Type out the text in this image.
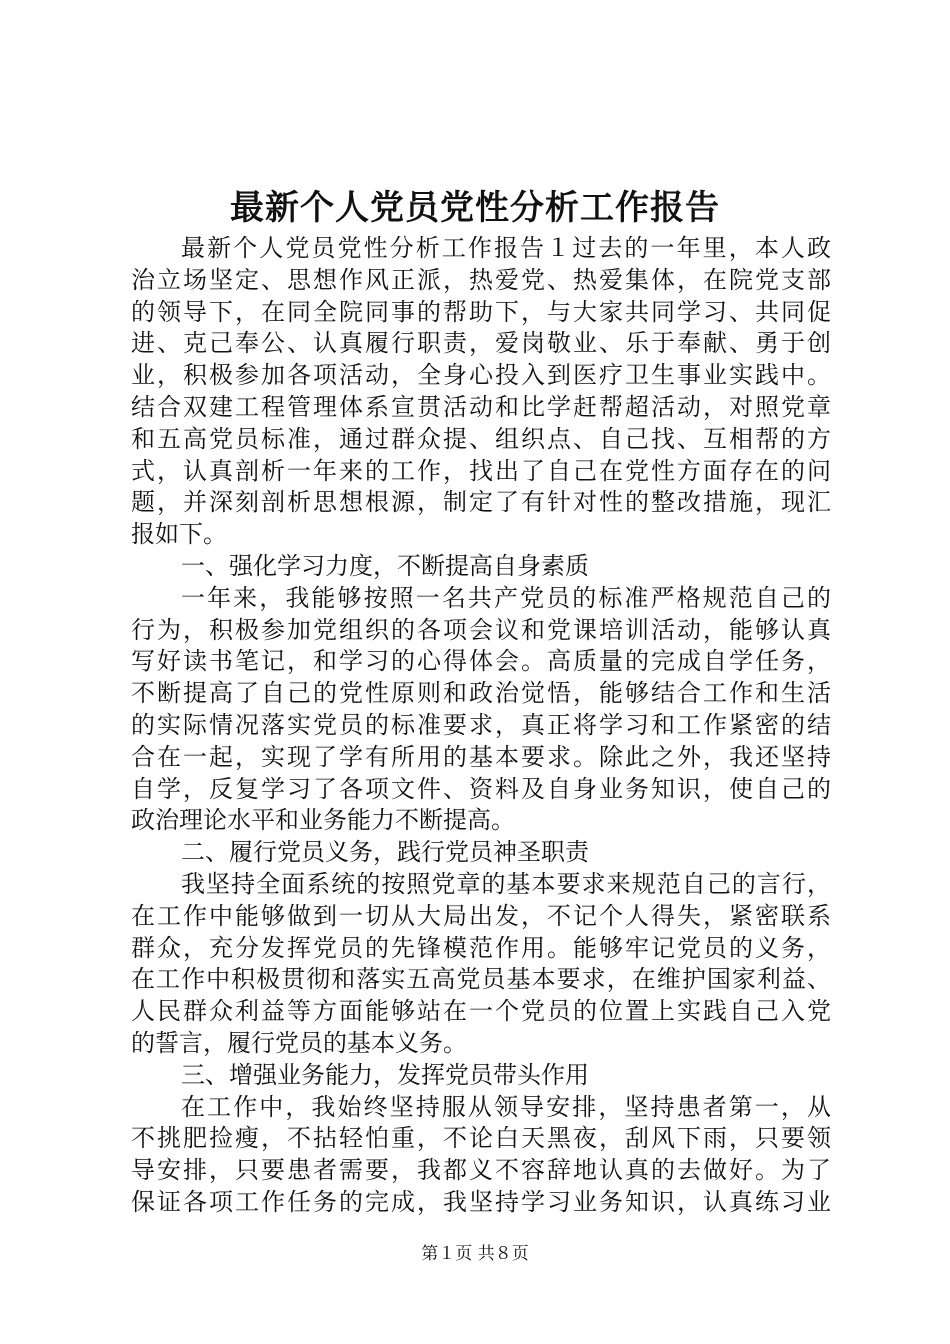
最新个人党员党性分析工作报告
最新个人党员党性分析工作报告１过去的一年里，本人政
治立场坚定、思想作风正派，热爱党、热爱集体，在院党支部
的领导下，在同全院同事的帮助下，与大家共同学习、共同促
进、克己奉公、认真履行职责，爱岗敬业、乐于奉献、勇于创
业，积极参加各项活动，全身心投入到医疗卫生事业实践中。
结合双建工程管理体系宣贯活动和比学赶帮超活动，对照党章
和五高党员标准，通过群众提、组织点、自己找、互相帮的方
式，认真剖析一年来的工作，找出了自己在党性方面存在的问
题，并深刻剖析思想根源，制定了有针对性的整改措施，现汇
报如下。
一、强化学习力度，不断提高自身素质
一年来，我能够按照一名共产党员的标准严格规范自己的
行为，积极参加党组织的各项会议和党课培训活动，能够认真
写好读书笔记，和学习的心得体会。高质量的完成自学任务，
不断提高了自己的党性原则和政治觉悟，能够结合工作和生活
的实际情况落实党员的标准要求，真正将学习和工作紧密的结
合在一起，实现了学有所用的基本要求。除此之外，我还坚持
自学，反复学习了各项文件、资料及自身业务知识，使自己的
政治理论水平和业务能力不断提高。
二、履行党员义务，践行党员神圣职责
我坚持全面系统的按照党章的基本要求来规范自己的言行，
在工作中能够做到一切从大局出发，不记个人得失，紧密联系
群众，充分发挥党员的先锋模范作用。能够牢记党员的义务，
在工作中积极贯彻和落实五高党员基本要求，在维护国家利益、
人民群众利益等方面能够站在一个党员的位置上实践自己入党
的誓言，履行党员的基本义务。
三、增强业务能力，发挥党员带头作用
在工作中，我始终坚持服从领导安排，坚持患者第一，从
不挑肥捡瘦，不拈轻怕重，不论白天黑夜，刮风下雨，只要领
导安排，只要患者需要，我都义不容辞地认真的去做好。为了
保证各项工作任务的完成，我坚持学习业务知识，认真练习业
第１页 共８页
